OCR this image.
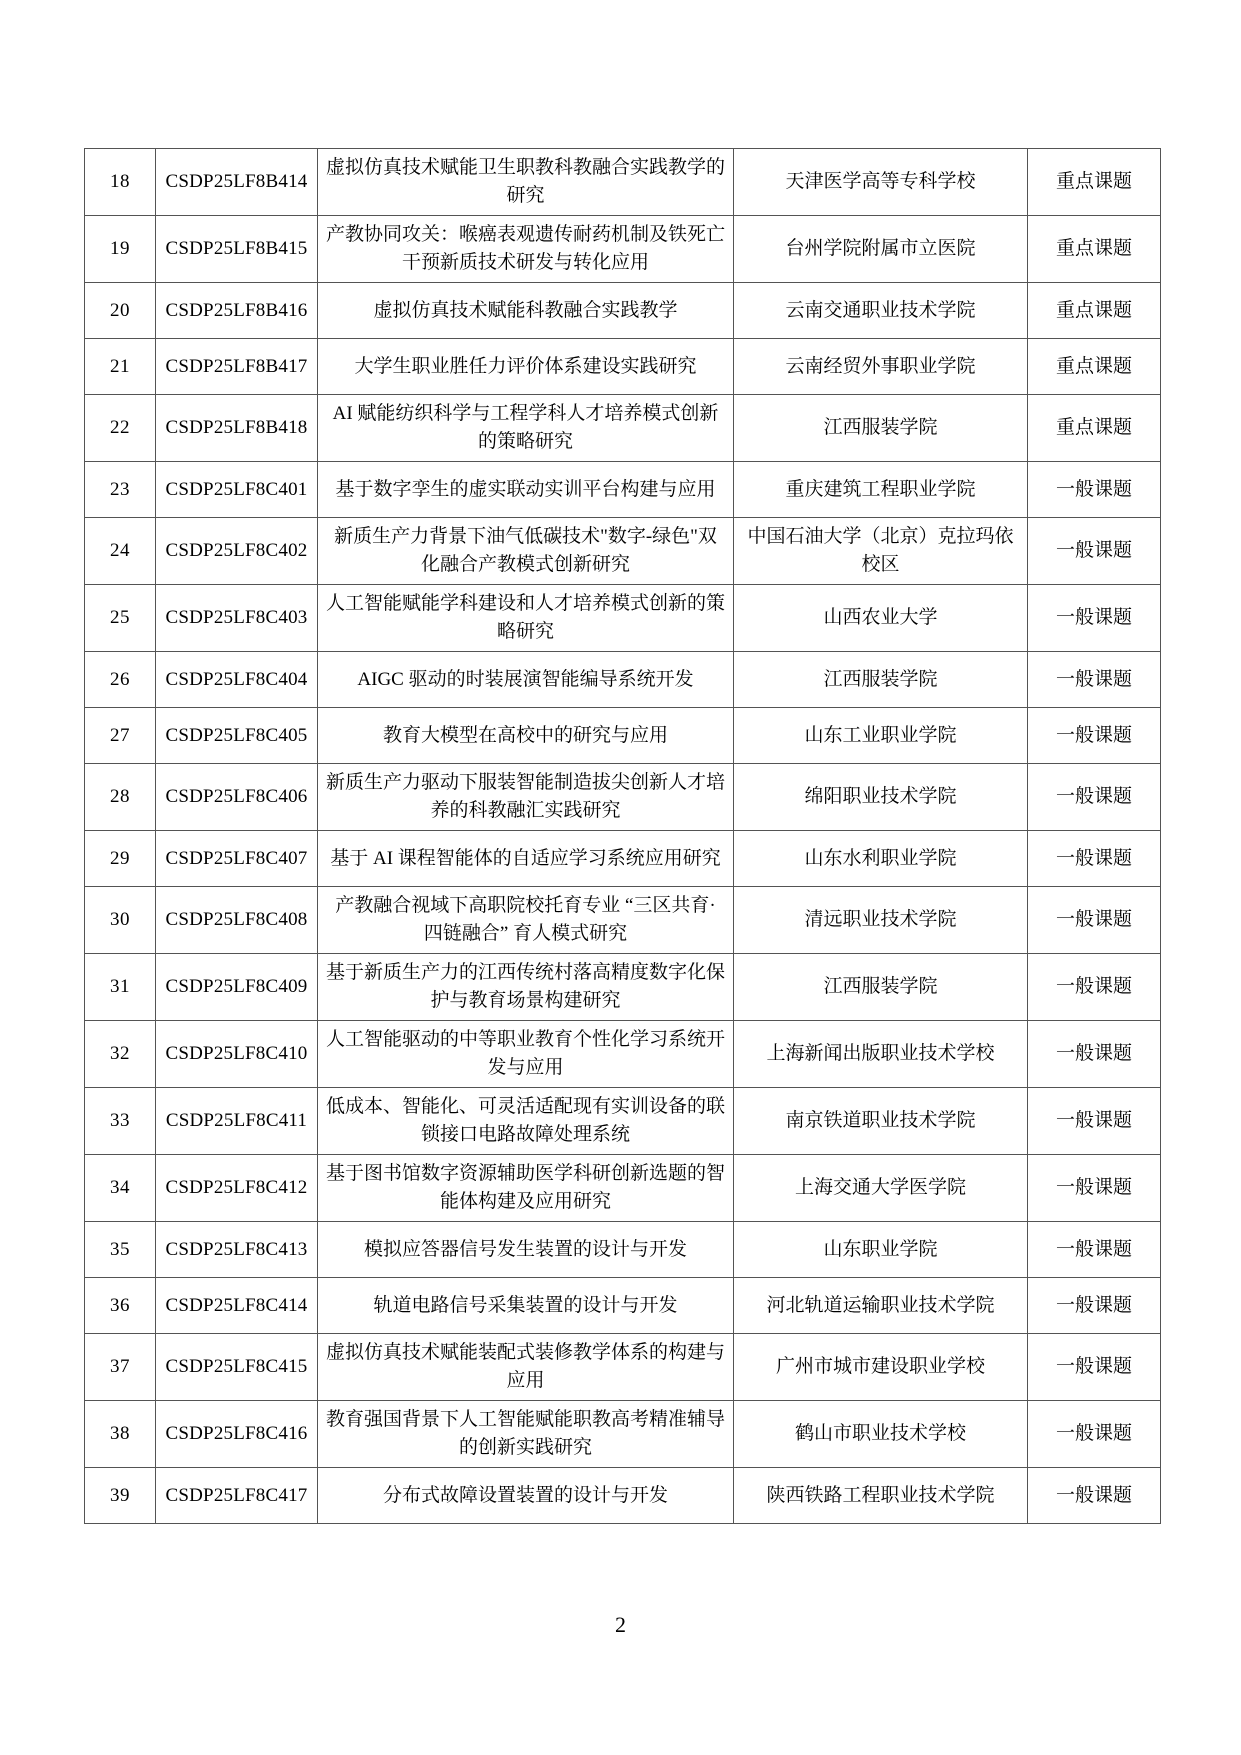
18	CSDP25LF8B414	虚拟仿真技术赋能卫生职教科教融合实践教学的研究	天津医学高等专科学校	重点课题
19	CSDP25LF8B415	产教协同攻关：喉癌表观遗传耐药机制及铁死亡干预新质技术研发与转化应用	台州学院附属市立医院	重点课题
20	CSDP25LF8B416	虚拟仿真技术赋能科教融合实践教学	云南交通职业技术学院	重点课题
21	CSDP25LF8B417	大学生职业胜任力评价体系建设实践研究	云南经贸外事职业学院	重点课题
22	CSDP25LF8B418	AI 赋能纺织科学与工程学科人才培养模式创新的策略研究	江西服装学院	重点课题
23	CSDP25LF8C401	基于数字孪生的虚实联动实训平台构建与应用	重庆建筑工程职业学院	一般课题
24	CSDP25LF8C402	新质生产力背景下油气低碳技术"数字-绿色"双化融合产教模式创新研究	中国石油大学（北京）克拉玛依校区	一般课题
25	CSDP25LF8C403	人工智能赋能学科建设和人才培养模式创新的策略研究	山西农业大学	一般课题
26	CSDP25LF8C404	AIGC 驱动的时装展演智能编导系统开发	江西服装学院	一般课题
27	CSDP25LF8C405	教育大模型在高校中的研究与应用	山东工业职业学院	一般课题
28	CSDP25LF8C406	新质生产力驱动下服装智能制造拔尖创新人才培养的科教融汇实践研究	绵阳职业技术学院	一般课题
29	CSDP25LF8C407	基于 AI 课程智能体的自适应学习系统应用研究	山东水利职业学院	一般课题
30	CSDP25LF8C408	产教融合视域下高职院校托育专业 “三区共育·四链融合” 育人模式研究	清远职业技术学院	一般课题
31	CSDP25LF8C409	基于新质生产力的江西传统村落高精度数字化保护与教育场景构建研究	江西服装学院	一般课题
32	CSDP25LF8C410	人工智能驱动的中等职业教育个性化学习系统开发与应用	上海新闻出版职业技术学校	一般课题
33	CSDP25LF8C411	低成本、智能化、可灵活适配现有实训设备的联锁接口电路故障处理系统	南京铁道职业技术学院	一般课题
34	CSDP25LF8C412	基于图书馆数字资源辅助医学科研创新选题的智能体构建及应用研究	上海交通大学医学院	一般课题
35	CSDP25LF8C413	模拟应答器信号发生装置的设计与开发	山东职业学院	一般课题
36	CSDP25LF8C414	轨道电路信号采集装置的设计与开发	河北轨道运输职业技术学院	一般课题
37	CSDP25LF8C415	虚拟仿真技术赋能装配式装修教学体系的构建与应用	广州市城市建设职业学校	一般课题
38	CSDP25LF8C416	教育强国背景下人工智能赋能职教高考精准辅导的创新实践研究	鹤山市职业技术学校	一般课题
39	CSDP25LF8C417	分布式故障设置装置的设计与开发	陕西铁路工程职业技术学院	一般课题
2
